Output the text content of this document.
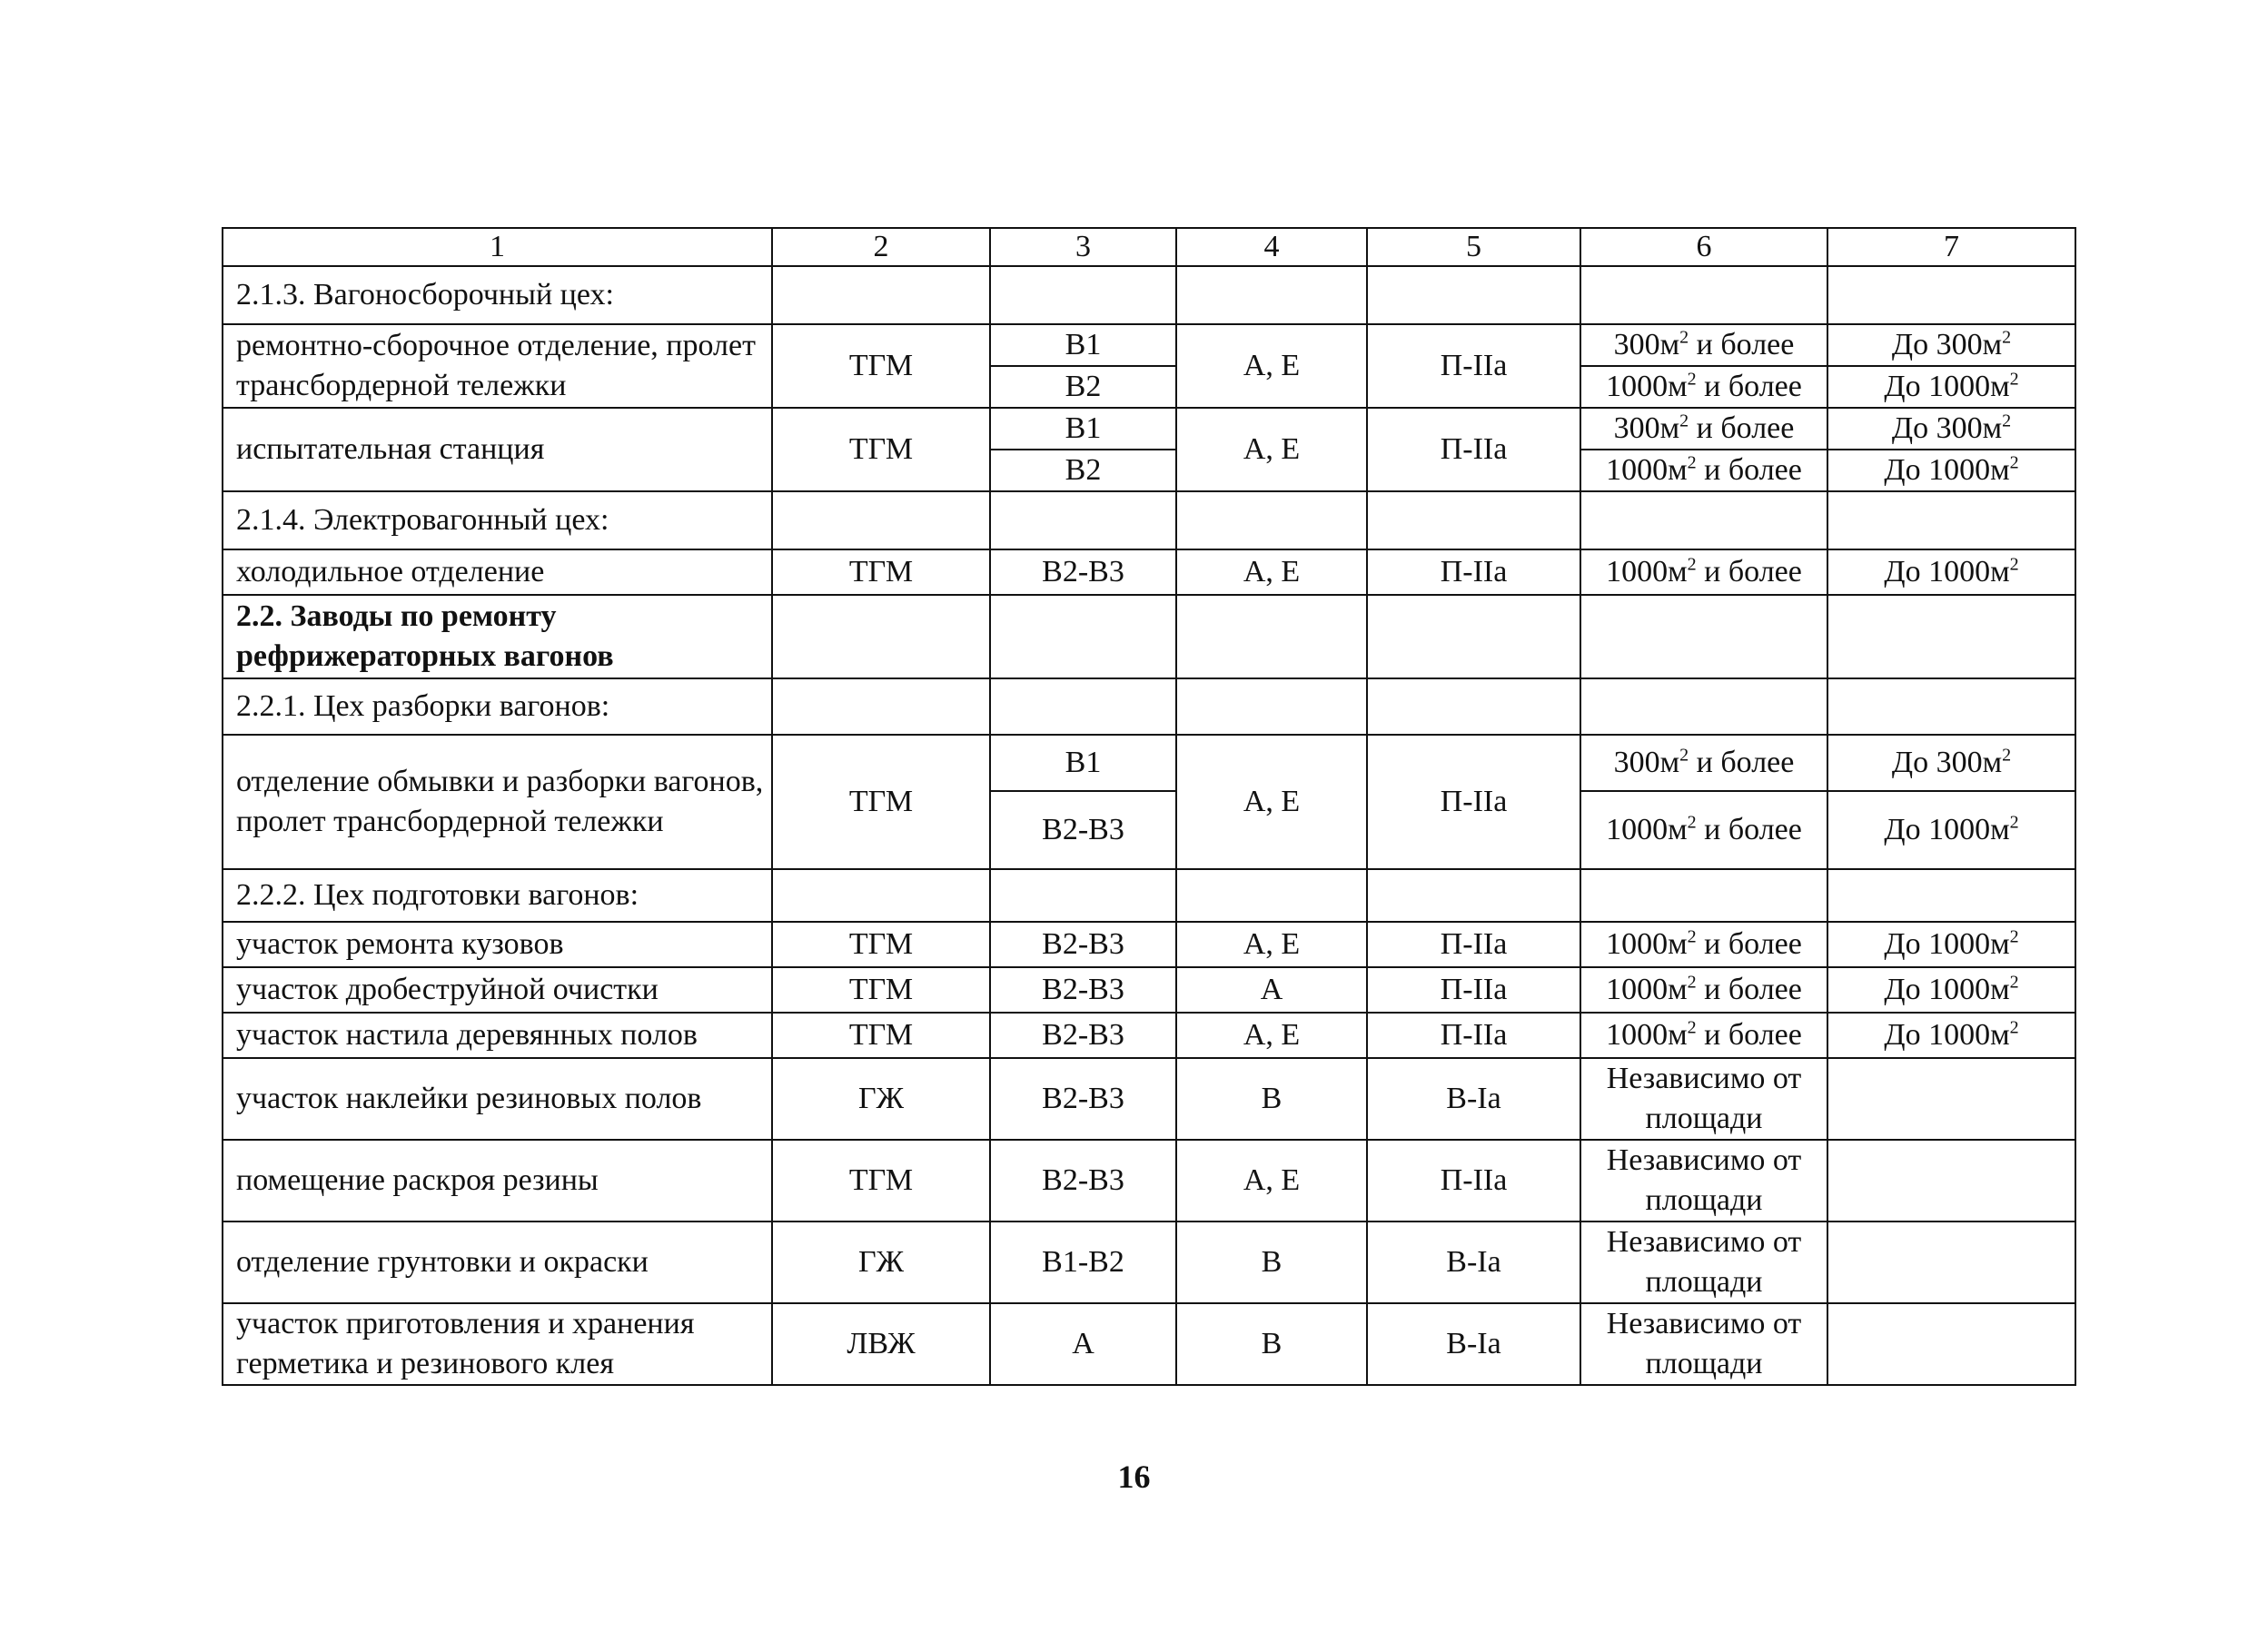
1	2	3	4	5	6	7
2.1.3. Вагоносборочный цех:						
ремонтно-сборочное отделение, пролет трансбордерной тележки	ТГМ	В1	А, Е	П-IIа	$300м^2$ и более	До $300м^2$
		В2			$1000м^2$ и более	До $1000м^2$
испытательная станция	ТГМ	В1	А, Е	П-IIа	$300м^2$ и более	До $300м^2$
		В2			$1000м^2$ и более	До $1000м^2$
2.1.4. Электровагонный цех:						
холодильное отделение	ТГМ	В2-В3	А, Е	П-IIа	$1000м^2$ и более	До $1000м^2$
2.2. Заводы по ремонту рефрижераторных вагонов						
2.2.1. Цех разборки вагонов:						
отделение обмывки и разборки вагонов, пролет трансбордерной тележки	ТГМ	В1	А, Е	П-IIа	$300м^2$ и более	До $300м^2$
		В2-В3			$1000м^2$ и более	До $1000м^2$
2.2.2. Цех подготовки вагонов:						
участок ремонта кузовов	ТГМ	В2-В3	А, Е	П-IIа	$1000м^2$ и более	До $1000м^2$
участок дробеструйной очистки	ТГМ	В2-В3	А	П-IIа	$1000м^2$ и более	До $1000м^2$
участок настила деревянных полов	ТГМ	В2-В3	А, Е	П-IIа	$1000м^2$ и более	До $1000м^2$
участок наклейки резиновых полов	ГЖ	В2-В3	В	В-Iа	Независимо от площади	
помещение раскроя резины	ТГМ	В2-В3	А, Е	П-IIа	Независимо от площади	
отделение грунтовки и окраски	ГЖ	В1-В2	В	В-Iа	Независимо от площади	
участок приготовления и хранения герметика и резинового клея	ЛВЖ	А	В	В-Iа	Независимо от площади	
16
